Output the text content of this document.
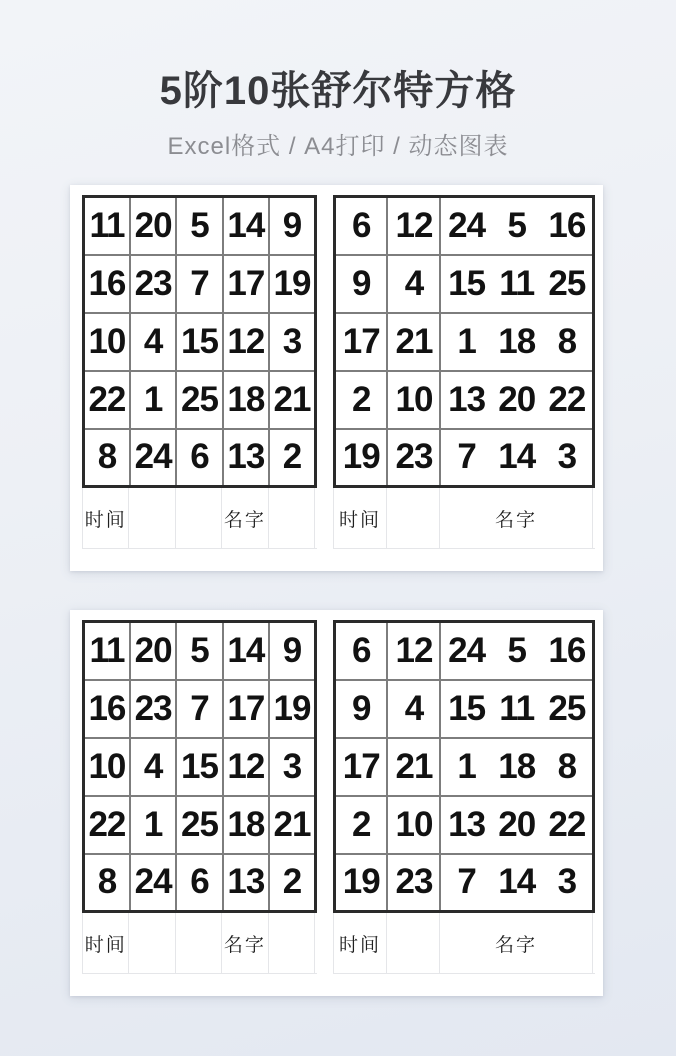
5阶10张舒尔特方格

Excel格式 / A4打印 / 动态图表

11	20	5	14	9
16	23	7	17	19
10	4	15	12	3
22	1	25	18	21
8	24	6	13	2
时间	名字
6	12	24 5 16
9	4	15 11 25
17	21	1 18 8
2	10	13 20 22
19	23	7 14 3
时间	名字
11	20	5	14	9
16	23	7	17	19
10	4	15	12	3
22	1	25	18	21
8	24	6	13	2
时间	名字
6	12	24 5 16
9	4	15 11 25
17	21	1 18 8
2	10	13 20 22
19	23	7 14 3
时间	名字
